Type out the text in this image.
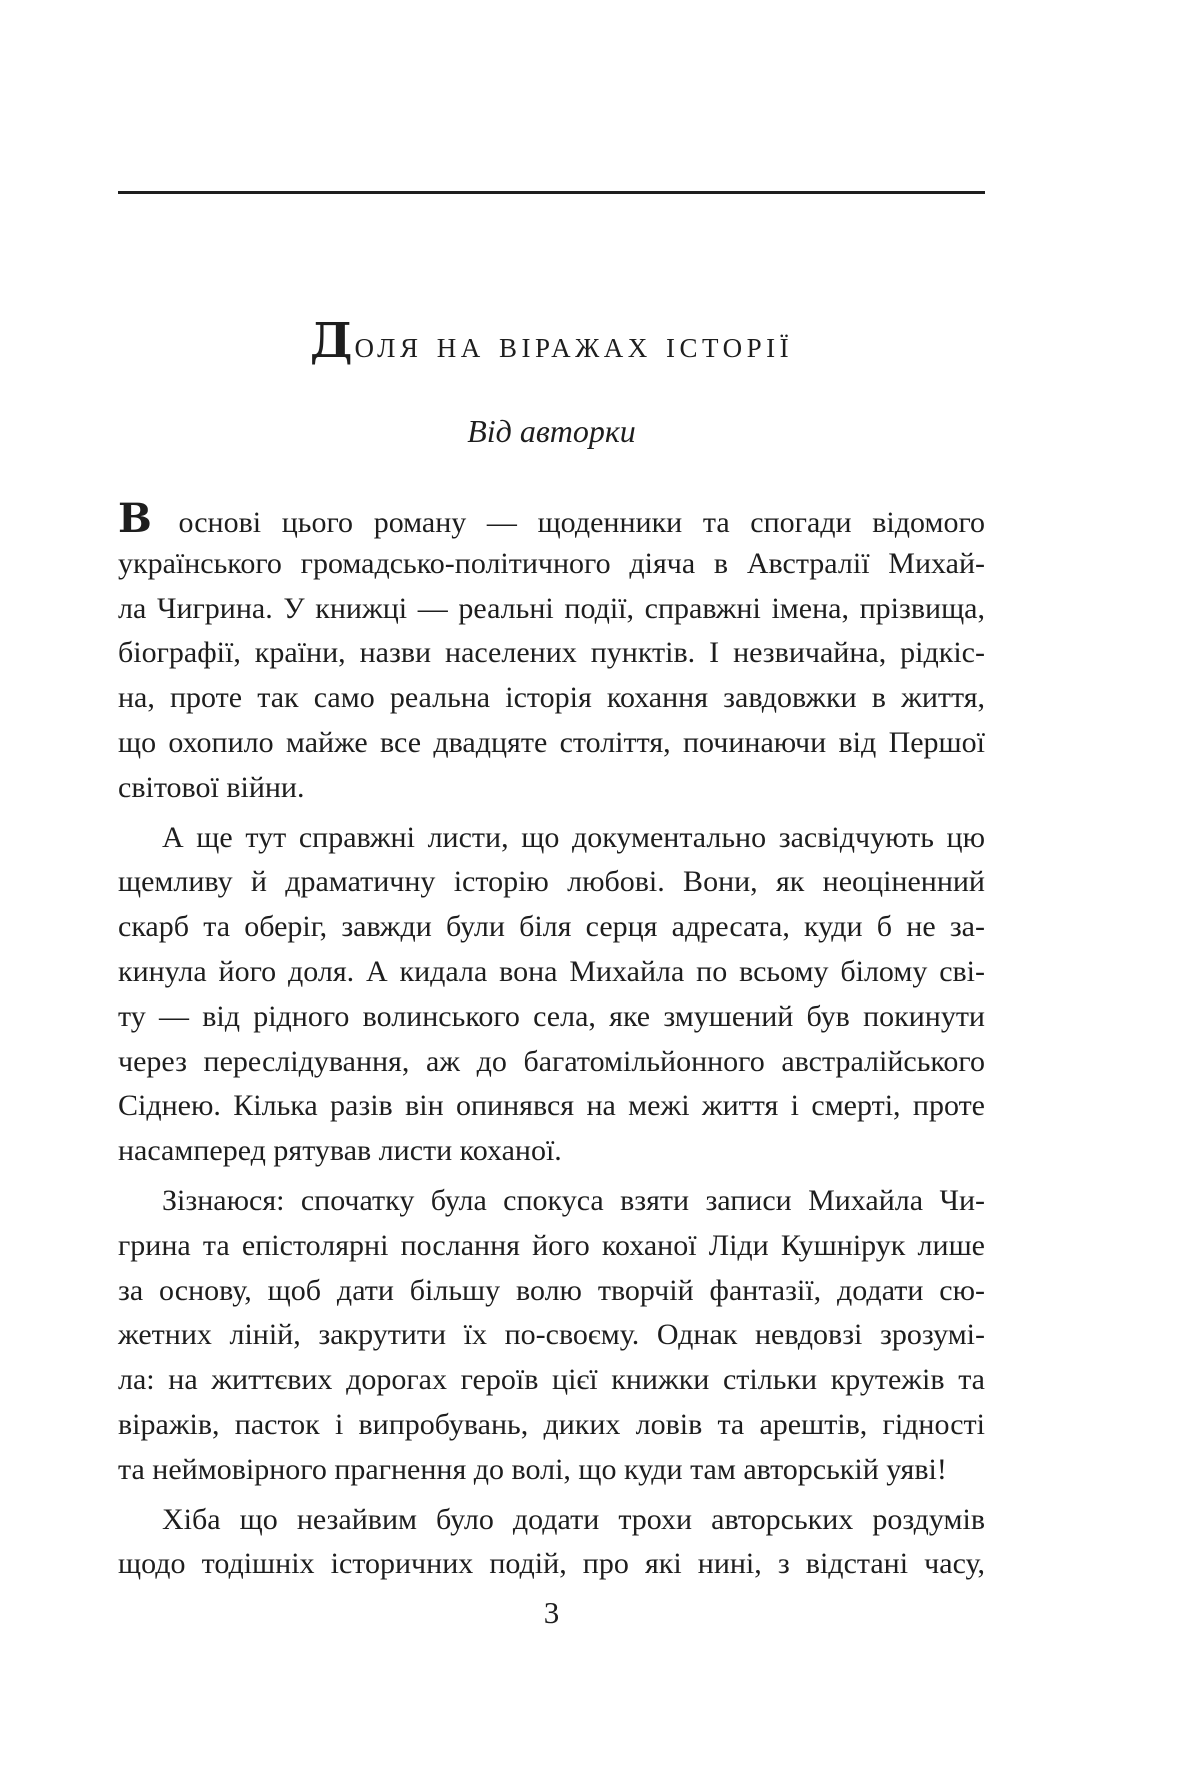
Доля на віражах історії
Від авторки
В основі цього роману — щоденники та спогади відомого
українського громадсько-політичного діяча в Австралії Михай-
ла Чигрина. У книжці — реальні події, справжні імена, прізвища,
біографії, країни, назви населених пунктів. І незвичайна, рідкіс-
на, проте так само реальна історія кохання завдовжки в життя,
що охопило майже все двадцяте століття, починаючи від Першої
світової війни.
А ще тут справжні листи, що документально засвідчують цю
щемливу й драматичну історію любові. Вони, як неоціненний
скарб та оберіг, завжди були біля серця адресата, куди б не за-
кинула його доля. А кидала вона Михайла по всьому білому сві-
ту — від рідного волинського села, яке змушений був покинути
через переслідування, аж до багатомільйонного австралійського
Сіднею. Кілька разів він опинявся на межі життя і смерті, проте
насамперед рятував листи коханої.
Зізнаюся: спочатку була спокуса взяти записи Михайла Чи-
грина та епістолярні послання його коханої Ліди Кушнірук лише
за основу, щоб дати більшу волю творчій фантазії, додати сю-
жетних ліній, закрутити їх по-своєму. Однак невдовзі зрозумі-
ла: на життєвих дорогах героїв цієї книжки стільки крутежів та
віражів, пасток і випробувань, диких ловів та арештів, гідності
та неймовірного прагнення до волі, що куди там авторській уяві!
Хіба що незайвим було додати трохи авторських роздумів
щодо тодішніх історичних подій, про які нині, з відстані часу,
3
